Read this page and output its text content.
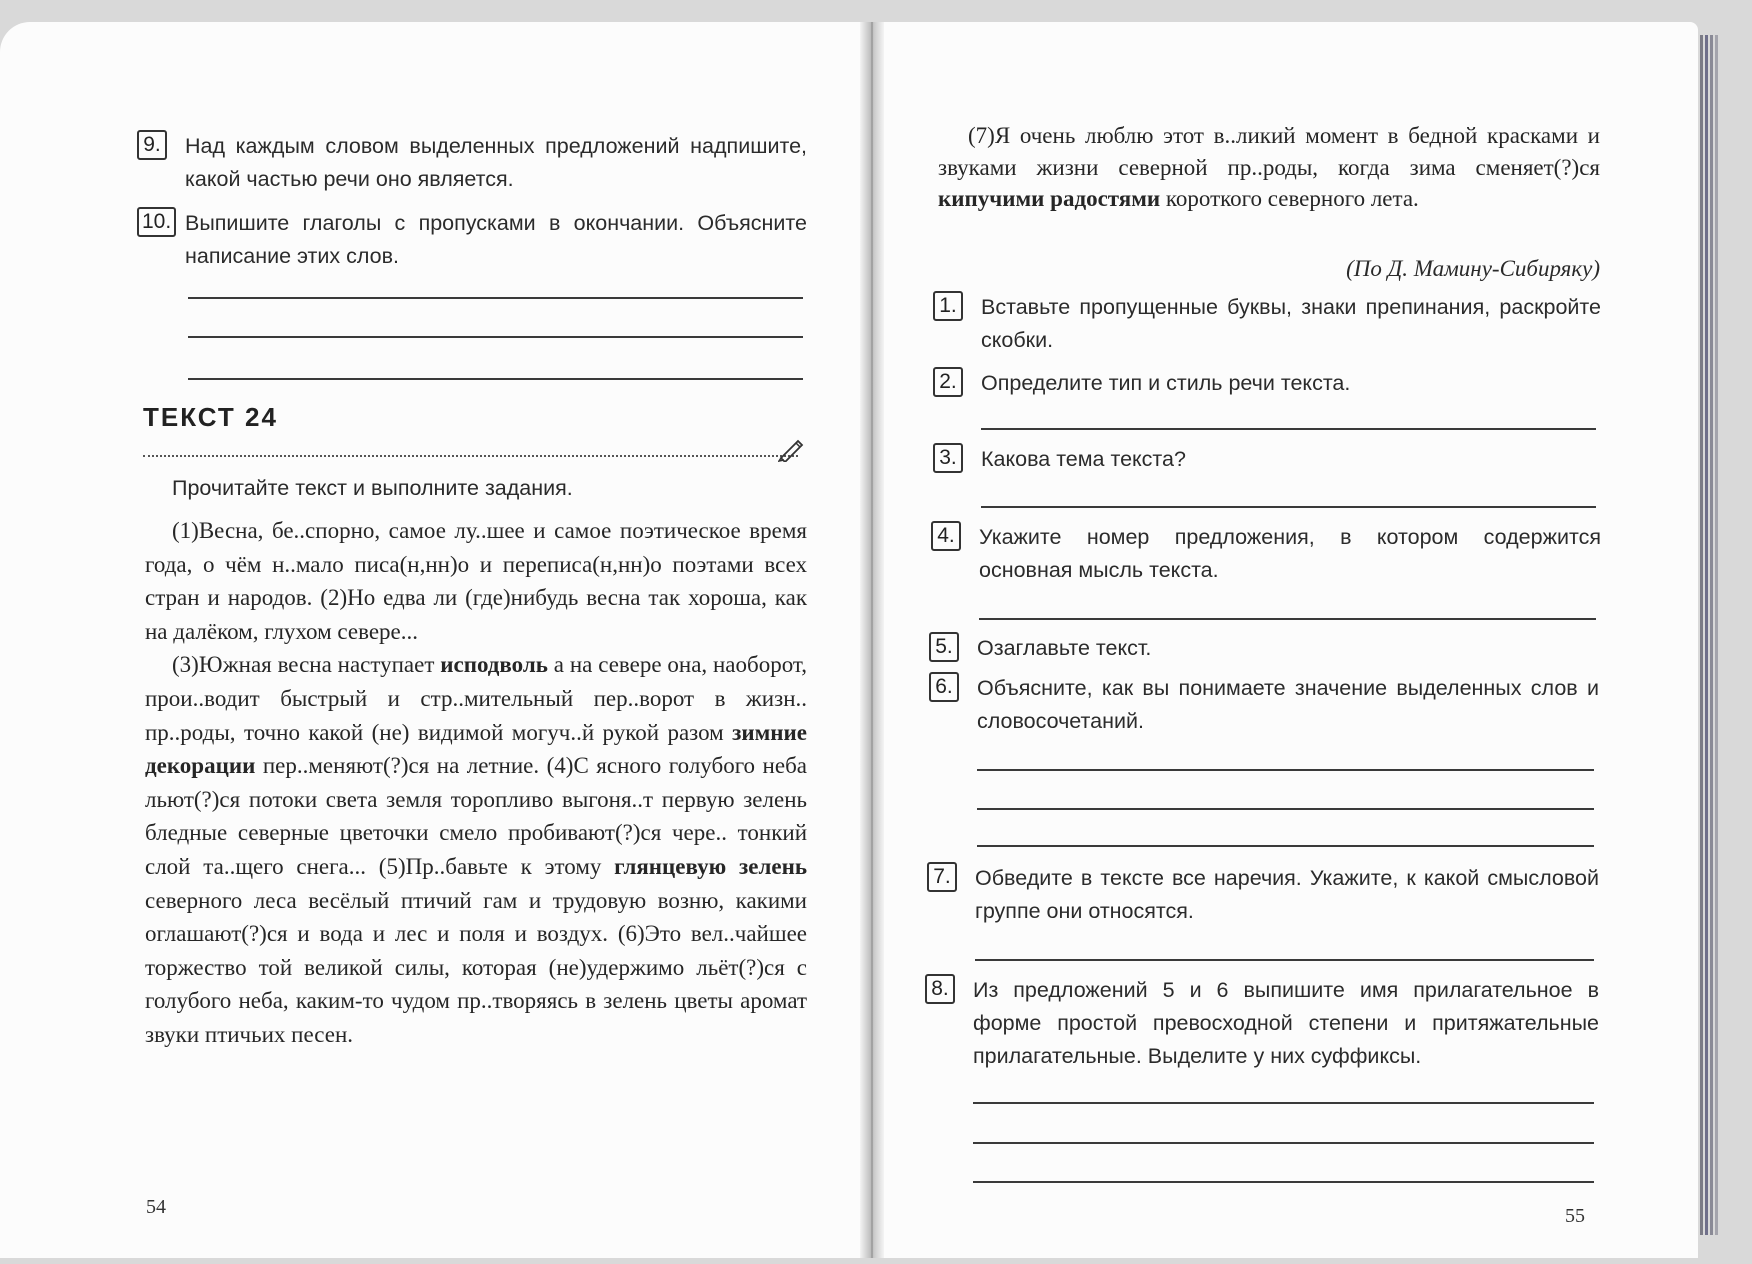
9. Над каждым словом выделенных предложений надпишите, какой частью речи оно является.
10. Выпишите глаголы с пропусками в окончании. Объясните написание этих слов.
ТЕКСТ 24
Прочитайте текст и выполните задания.

(1)Весна, бе..спорно, самое лу..шее и самое поэтическое время года, о чём н..мало писа(н,нн)о и переписа(н,нн)о поэтами всех стран и народов. (2)Но едва ли (где)нибудь весна так хороша, как на далёком, глухом севере...

(3)Южная весна наступает исподволь а на севере она, наоборот, прои..водит быстрый и стр..мительный пер..ворот в жизн.. пр..роды, точно какой (не) видимой могуч..й рукой разом зимние декорации пер..меняют(?)ся на летние. (4)С ясного голубого неба льют(?)ся потоки света земля торопливо выгоня..т первую зелень бледные северные цветочки смело пробивают(?)ся чере.. тонкий слой та..щего снега... (5)Пр..бавьте к этому глянцевую зелень северного леса весёлый птичий гам и трудовую возню, какими оглашают(?)ся и вода и лес и поля и воздух. (6)Это вел..чайшее торжество той великой силы, которая (не)удержимо льёт(?)ся с голубого неба, каким-то чудом пр..творяясь в зелень цветы аромат звуки птичьих песен.

54
(7)Я очень люблю этот в..ликий момент в бедной красками и звуками жизни северной пр..роды, когда зима сменяет(?)ся кипучими радостями короткого северного лета.
(По Д. Мамину-Сибиряку)
1. Вставьте пропущенные буквы, знаки препинания, раскройте скобки.
2. Определите тип и стиль речи текста.
3. Какова тема текста?
4. Укажите номер предложения, в котором содержится основная мысль текста.
5. Озаглавьте текст.
6. Объясните, как вы понимаете значение выделенных слов и словосочетаний.
7. Обведите в тексте все наречия. Укажите, к какой смысловой группе они относятся.
8. Из предложений 5 и 6 выпишите имя прилагательное в форме простой превосходной степени и притяжательные прилагательные. Выделите у них суффиксы.
55
